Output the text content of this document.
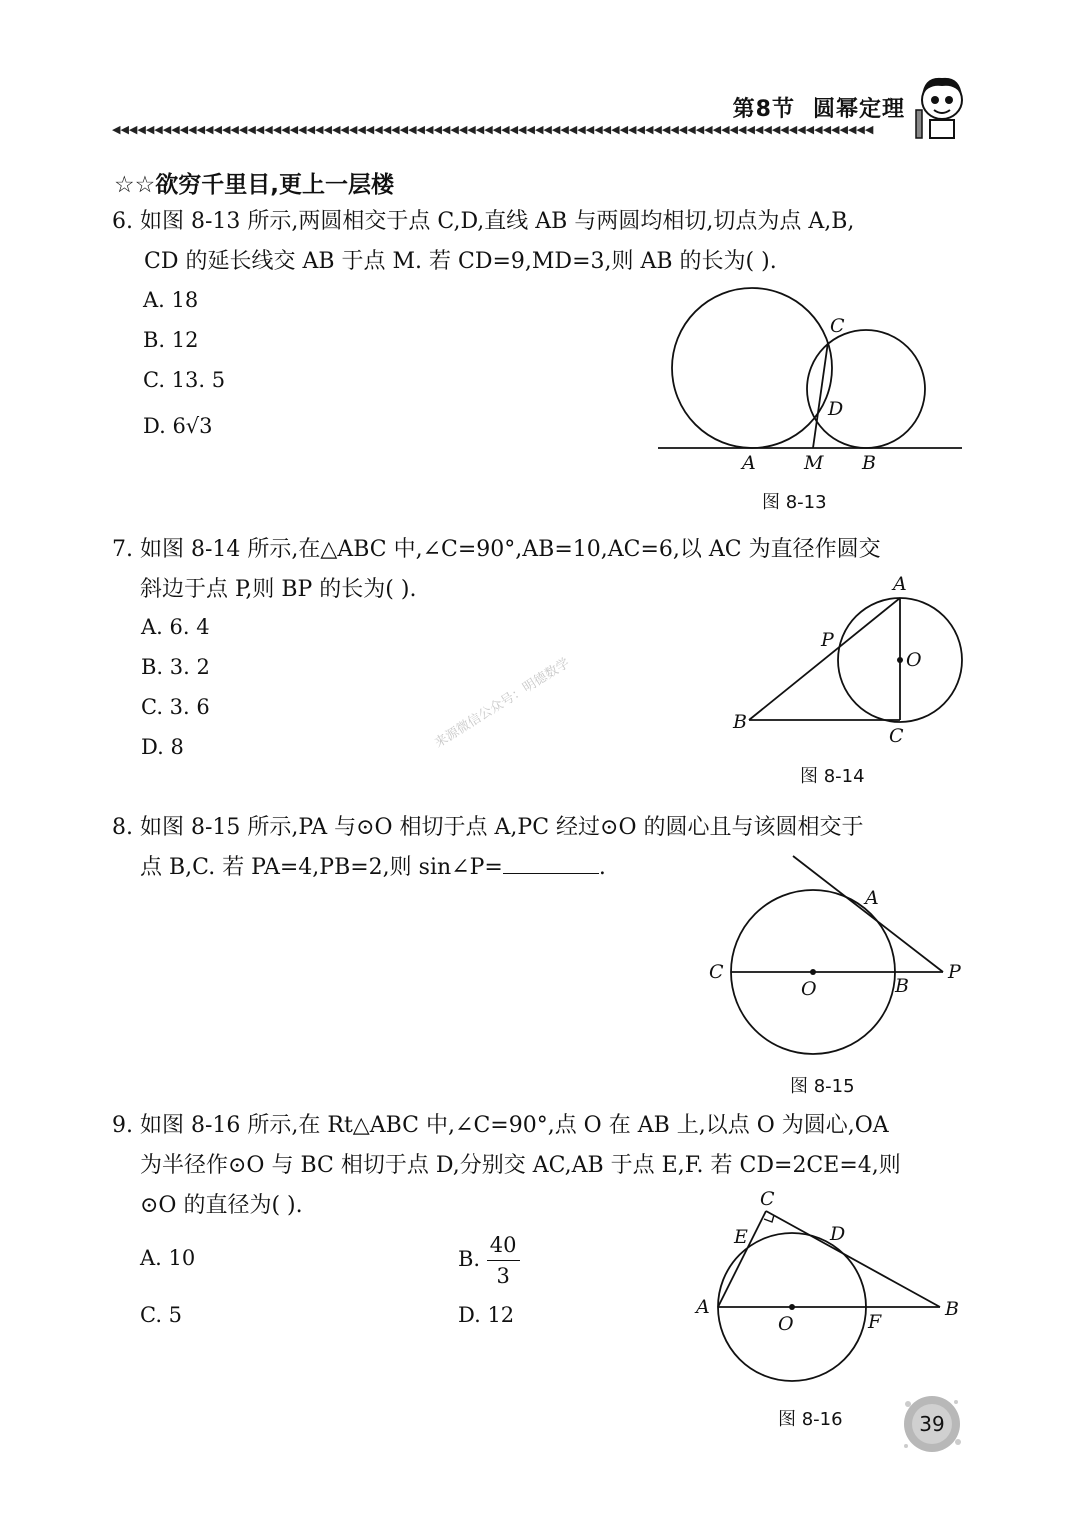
第8节 圆幂定理
◀◀◀◀◀◀◀◀◀◀◀◀◀◀◀◀◀◀◀◀◀◀◀◀◀◀◀◀◀◀◀◀◀◀◀◀◀◀◀◀◀◀◀◀◀◀◀◀◀◀◀◀◀◀◀◀◀◀◀◀◀◀◀◀◀◀◀◀◀◀◀◀◀◀◀◀◀◀◀◀◀◀◀◀◀◀◀◀◀◀
☆☆欲穷千里目,更上一层楼
6. 如图 8-13 所示,两圆相交于点 C,D,直线 AB 与两圆均相切,切点为点 A,B,
CD 的延长线交 AB 于点 M. 若 CD=9,MD=3,则 AB 的长为( ).
A. 18
B. 12
C. 13. 5
D. 6√3
C
D
A	M B
图 8-13
7. 如图 8-14 所示,在△ABC 中,∠C=90°,AB=10,AC=6,以 AC 为直径作圆交
斜边于点 P,则 BP 的长为( ).
A. 6. 4
B. 3. 2
C. 3. 6
D. 8
A
P
O
B
C
图 8-14
来源微信公众号：明德数学
8. 如图 8-15 所示,PA 与⊙O 相切于点 A,PC 经过⊙O 的圆心且与该圆相交于
点 B,C. 若 PA=4,PB=2,则 sin∠P=	.
A
C
O	B
P
图 8-15
9. 如图 8-16 所示,在 Rt△ABC 中,∠C=90°,点 O 在 AB 上,以点 O 为圆心,OA
为半径作⊙O 与 BC 相切于点 D,分别交 AC,AB 于点 E,F. 若 CD=2CE=4,则
⊙O 的直径为( ).
A. 10	B. $\frac{40}{3}$
C. 5	D. 12
C
E	D
A
O	F
B
图 8-16	39
